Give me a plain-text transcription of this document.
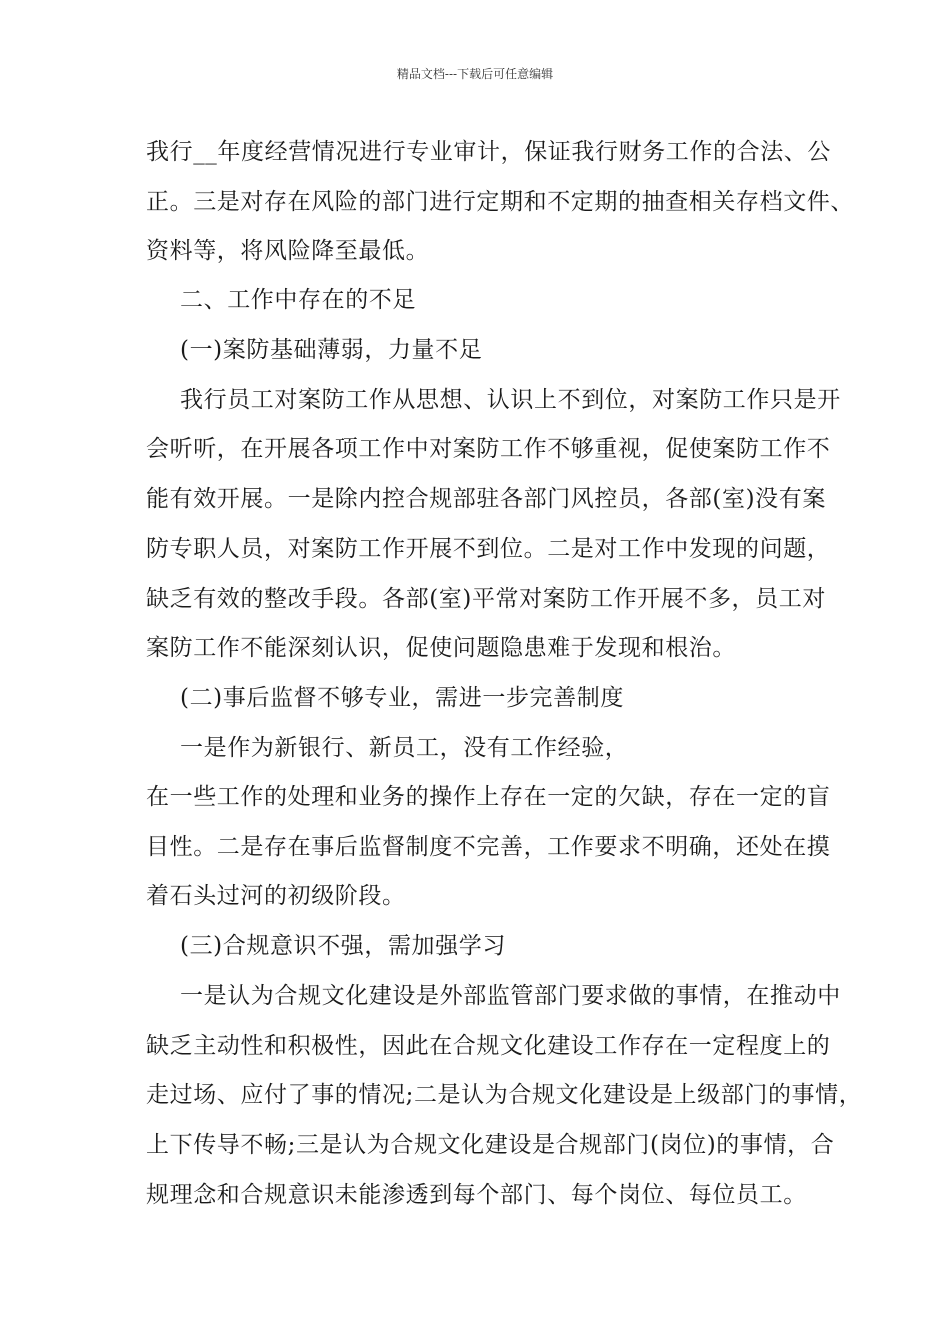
精品文档---下载后可任意编辑
我行__年度经营情况进行专业审计，保证我行财务工作的合法、公
正。三是对存在风险的部门进行定期和不定期的抽查相关存档文件、
资料等，将风险降至最低。
二、工作中存在的不足
(一)案防基础薄弱，力量不足
我行员工对案防工作从思想、认识上不到位，对案防工作只是开
会听听，在开展各项工作中对案防工作不够重视，促使案防工作不
能有效开展。一是除内控合规部驻各部门风控员，各部(室)没有案
防专职人员，对案防工作开展不到位。二是对工作中发现的问题，
缺乏有效的整改手段。各部(室)平常对案防工作开展不多，员工对
案防工作不能深刻认识，促使问题隐患难于发现和根治。
(二)事后监督不够专业，需进一步完善制度
一是作为新银行、新员工，没有工作经验，
在一些工作的处理和业务的操作上存在一定的欠缺，存在一定的盲
目性。二是存在事后监督制度不完善，工作要求不明确，还处在摸
着石头过河的初级阶段。
(三)合规意识不强，需加强学习
一是认为合规文化建设是外部监管部门要求做的事情，在推动中
缺乏主动性和积极性，因此在合规文化建设工作存在一定程度上的
走过场、应付了事的情况;二是认为合规文化建设是上级部门的事情，
上下传导不畅;三是认为合规文化建设是合规部门(岗位)的事情，合
规理念和合规意识未能渗透到每个部门、每个岗位、每位员工。
